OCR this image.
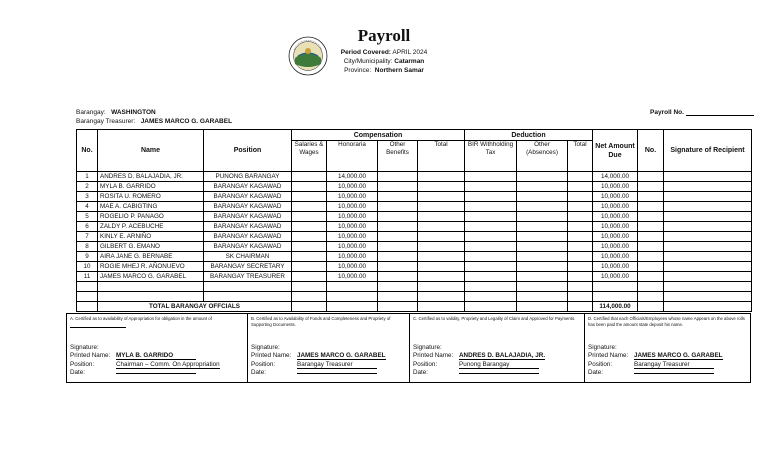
Payroll
Period Covered: APRIL 2024
City/Municipality: Catarman
Province: Northern Samar
Barangay: WASHINGTON
Barangay Treasurer: JAMES MARCO G. GARABEL
Payroll No.
No.	Name	Position	Compensation				Deduction			Net Amount Due	No.	Signature of Recipient
			Salaries & Wages	Honoraria	Other Benefits	Total	BIR Withholding Tax	Other (Absences)	Total			
1	ANDRES D. BALAJADIA, JR.	PUNONG BARANGAY		14,000.00						14,000.00		
2	MYLA B. GARRIDO	BARANGAY KAGAWAD		10,000.00						10,000.00		
3	ROSITA U. ROMERO	BARANGAY KAGAWAD		10,000.00						10,000.00		
4	MAE A. CABIGTING	BARANGAY KAGAWAD		10,000.00						10,000.00		
5	ROGELIO P. PANAGO	BARANGAY KAGAWAD		10,000.00						10,000.00		
6	ZALDY P. ACEBUCHE	BARANGAY KAGAWAD		10,000.00						10,000.00		
7	KINLY E. ARNIÑO	BARANGAY KAGAWAD		10,000.00						10,000.00		
8	GILBERT G. EMANO	BARANGAY KAGAWAD		10,000.00						10,000.00		
9	AIRA JANE G. BERNABE	SK CHAIRMAN		10,000.00						10,000.00		
10	ROGIE MHEJ R. AÑONUEVO	BARANGAY SECRETARY		10,000.00						10,000.00		
11	JAMES MARCO G. GARABEL	BARANGAY TREASURER		10,000.00						10,000.00		

	TOTAL BARANGAY OFFCIALS									114,000.00		
A. Certified as to availability of Appropriation for obligation in the amount of
Signature:
Printed Name: MYLA B. GARRIDO
Position:	Chairman – Comm. On Appropriation
Date:
B. Certified as to Availability of Funds and Completeness and Propriety of Supporting Documents.
Signature:
Printed Name: JAMES MARCO G. GARABEL
Position:	Barangay Treasurer
Date:
C. Certified as to validity, Propriety and Legality of Claim and Approved for Payments.
Signature:
Printed Name: ANDRES D. BALAJADIA, JR.
Position:	Punong Barangay
Date:
D. Certified that each Officials/Employees whose name Appears on the above rolls has been paid the amount state deposit his name.
Signature:
Printed Name: JAMES MARCO G. GARABEL
Position:	Barangay Treasurer
Date:
